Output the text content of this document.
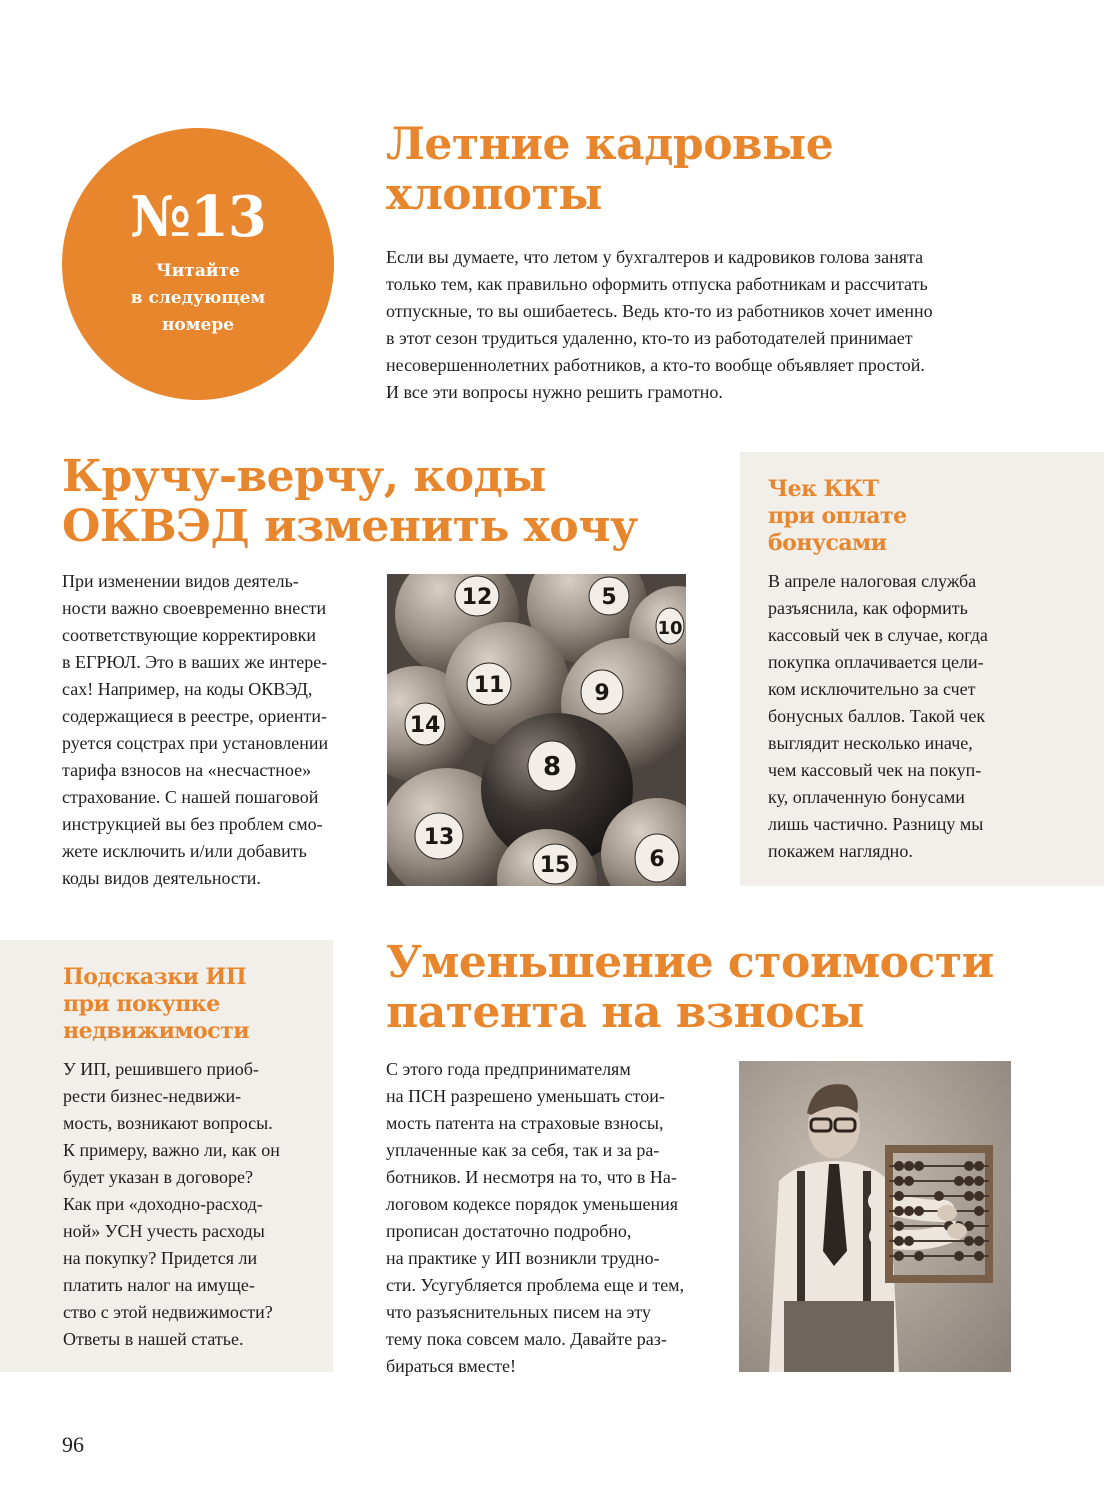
№13
Читайте
в следующем
номере
Летние кадровые
хлопоты

Если вы думаете, что летом у бухгалтеров и кадровиков голова занята
только тем, как правильно оформить отпуска работникам и рассчитать
отпускные, то вы ошибаетесь. Ведь кто-то из работников хочет именно
в этот сезон трудиться удаленно, кто-то из работодателей принимает
несовершеннолетних работников, а кто-то вообще объявляет простой.
И все эти вопросы нужно решить грамотно.

Кручу-верчу, коды
ОКВЭД изменить хочу

При изменении видов деятель-
ности важно своевременно внести
соответствующие корректировки
в ЕГРЮЛ. Это в ваших же интере-
сах! Например, на коды ОКВЭД,
содержащиеся в реестре, ориенти-
руется соцстрах при установлении
тарифа взносов на «несчастное»
страхование. С нашей пошаговой
инструкцией вы без проблем смо-
жете исключить и/или добавить
коды видов деятельности.

12	5
10
11	9
14
8
13
15	6
Чек ККТ
при оплате
бонусами

В апреле налоговая служба
разъяснила, как оформить
кассовый чек в случае, когда
покупка оплачивается цели-
ком исключительно за счет
бонусных баллов. Такой чек
выглядит несколько иначе,
чем кассовый чек на покуп-
ку, оплаченную бонусами
лишь частично. Разницу мы
покажем наглядно.

Подсказки ИП
при покупке
недвижимости

У ИП, решившего приоб-
рести бизнес-недвижи-
мость, возникают вопросы.
К примеру, важно ли, как он
будет указан в договоре?
Как при «доходно-расход-
ной» УСН учесть расходы
на покупку? Придется ли
платить налог на имуще-
ство с этой недвижимости?
Ответы в нашей статье.

Уменьшение стоимости
патента на взносы

С этого года предпринимателям
на ПСН разрешено уменьшать стои-
мость патента на страховые взносы,
уплаченные как за себя, так и за ра-
ботников. И несмотря на то, что в На-
логовом кодексе порядок уменьшения
прописан достаточно подробно,
на практике у ИП возникли трудно-
сти. Усугубляется проблема еще и тем,
что разъяснительных писем на эту
тему пока совсем мало. Давайте раз-
бираться вместе!

96
